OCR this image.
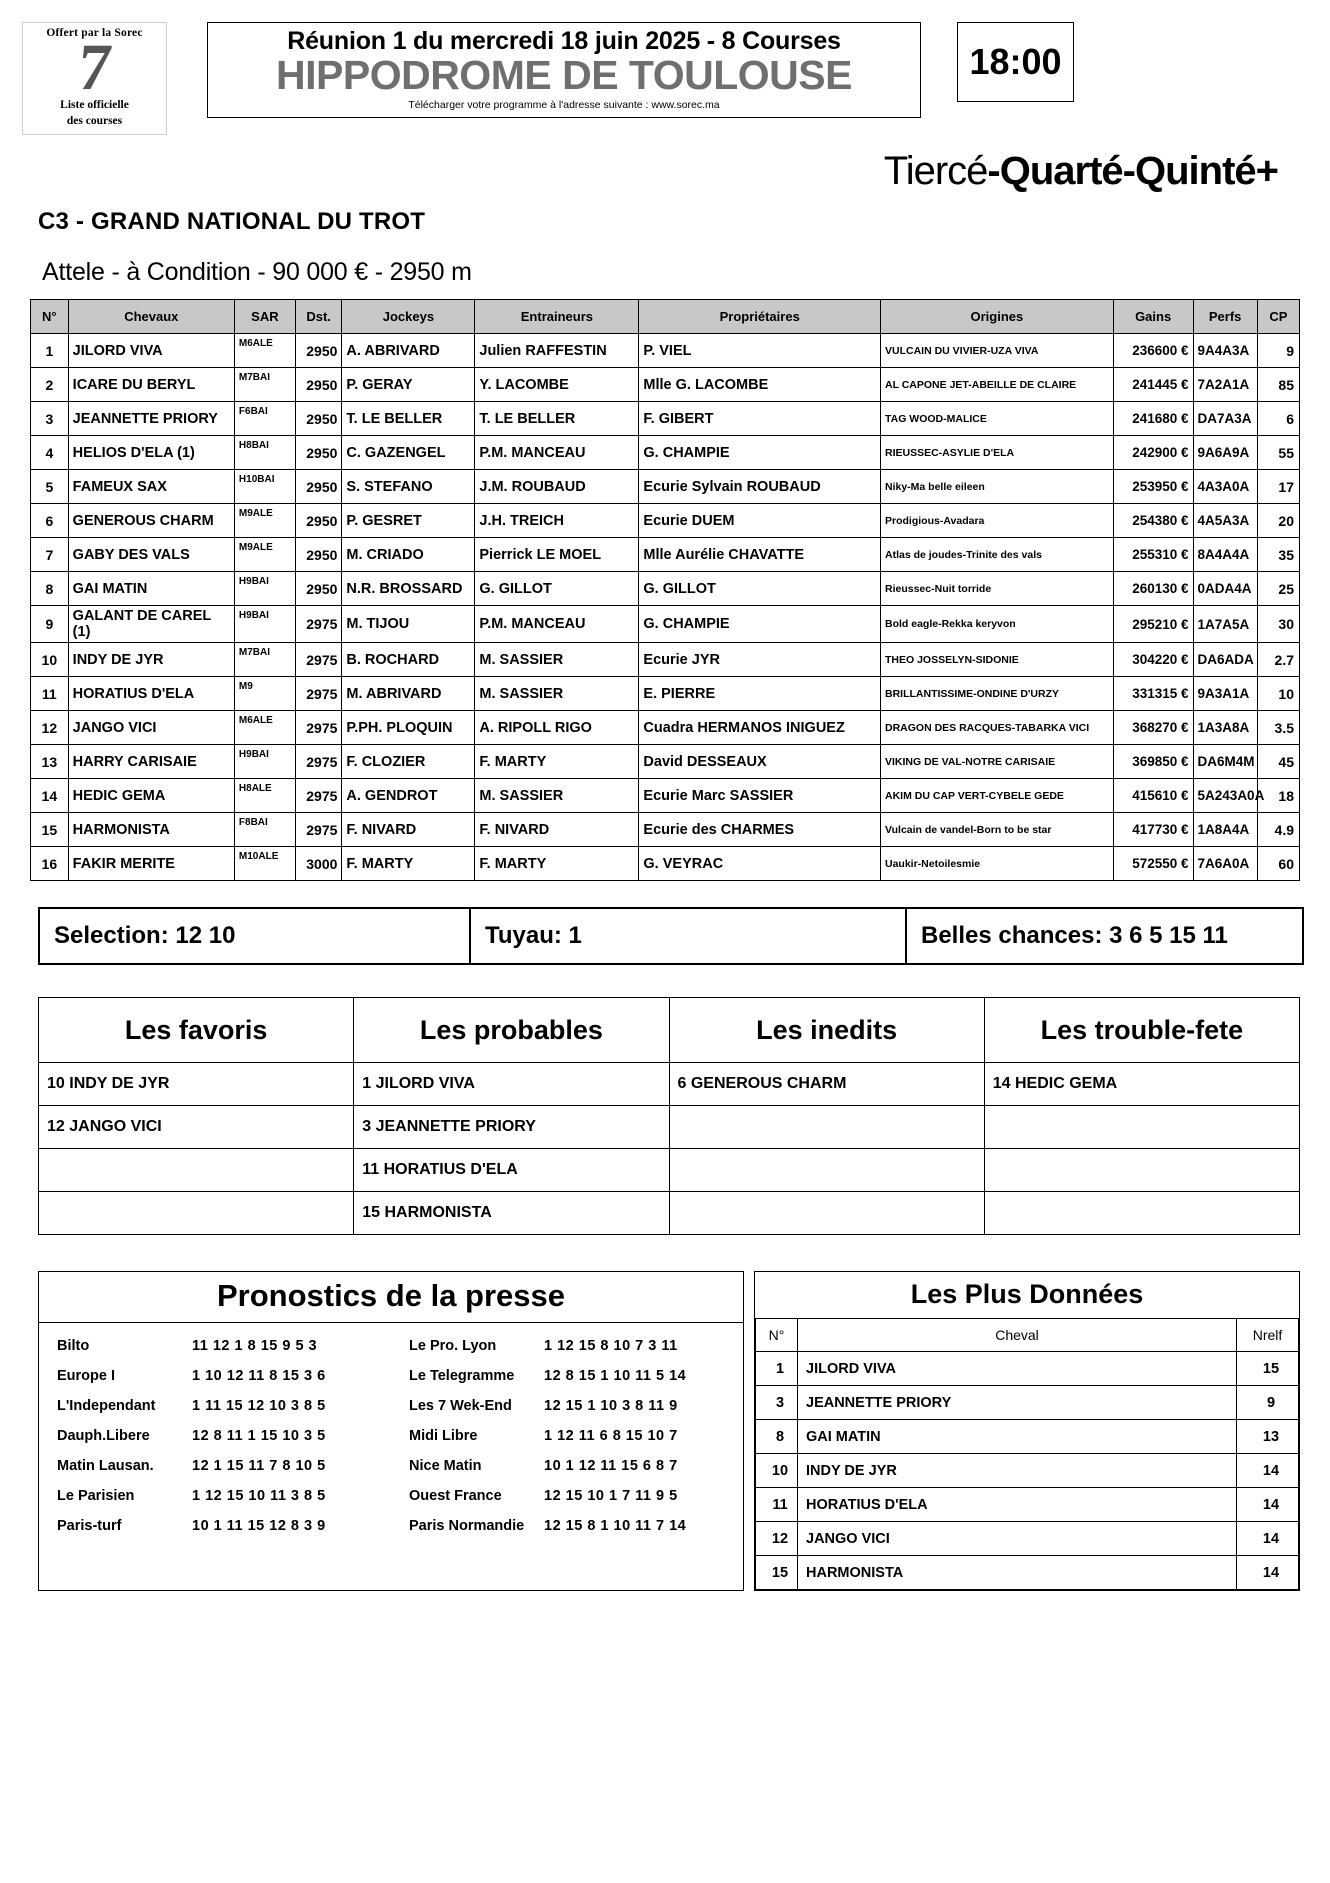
Offert par la Sorec
7
Liste officielle
des courses
Réunion 1 du mercredi 18 juin 2025 - 8 Courses
HIPPODROME DE TOULOUSE
Télécharger votre programme à l'adresse suivante : www.sorec.ma
18:00
Tiercé-Quarté-Quinté+
C3 - GRAND NATIONAL DU TROT
Attele - à Condition - 90 000 € - 2950 m
N°	Chevaux	SAR	Dst.	Jockeys	Entraineurs	Propriétaires	Origines	Gains	Perfs	CP
1	JILORD VIVA	M6ALE	2950	A. ABRIVARD	Julien RAFFESTIN	P. VIEL	VULCAIN DU VIVIER-UZA VIVA	236600 €	9A4A3A	9
2	ICARE DU BERYL	M7BAI	2950	P. GERAY	Y. LACOMBE	Mlle G. LACOMBE	AL CAPONE JET-ABEILLE DE CLAIRE	241445 €	7A2A1A	85
3	JEANNETTE PRIORY	F6BAI	2950	T. LE BELLER	T. LE BELLER	F. GIBERT	TAG WOOD-MALICE	241680 €	DA7A3A	6
4	HELIOS D'ELA (1)	H8BAI	2950	C. GAZENGEL	P.M. MANCEAU	G. CHAMPIE	RIEUSSEC-ASYLIE D'ELA	242900 €	9A6A9A	55
5	FAMEUX SAX	H10BAI	2950	S. STEFANO	J.M. ROUBAUD	Ecurie Sylvain ROUBAUD	Niky-Ma belle eileen	253950 €	4A3A0A	17
6	GENEROUS CHARM	M9ALE	2950	P. GESRET	J.H. TREICH	Ecurie DUEM	Prodigious-Avadara	254380 €	4A5A3A	20
7	GABY DES VALS	M9ALE	2950	M. CRIADO	Pierrick LE MOEL	Mlle Aurélie CHAVATTE	Atlas de joudes-Trinite des vals	255310 €	8A4A4A	35
8	GAI MATIN	H9BAI	2950	N.R. BROSSARD	G. GILLOT	G. GILLOT	Rieussec-Nuit torride	260130 €	0ADA4A	25
9	GALANT DE CAREL (1)	H9BAI	2975	M. TIJOU	P.M. MANCEAU	G. CHAMPIE	Bold eagle-Rekka keryvon	295210 €	1A7A5A	30
10	INDY DE JYR	M7BAI	2975	B. ROCHARD	M. SASSIER	Ecurie JYR	THEO JOSSELYN-SIDONIE	304220 €	DA6ADA	2.7
11	HORATIUS D'ELA	M9	2975	M. ABRIVARD	M. SASSIER	E. PIERRE	BRILLANTISSIME-ONDINE D'URZY	331315 €	9A3A1A	10
12	JANGO VICI	M6ALE	2975	P.PH. PLOQUIN	A. RIPOLL RIGO	Cuadra HERMANOS INIGUEZ	DRAGON DES RACQUES-TABARKA VICI	368270 €	1A3A8A	3.5
13	HARRY CARISAIE	H9BAI	2975	F. CLOZIER	F. MARTY	David DESSEAUX	VIKING DE VAL-NOTRE CARISAIE	369850 €	DA6M4M	45
14	HEDIC GEMA	H8ALE	2975	A. GENDROT	M. SASSIER	Ecurie Marc SASSIER	AKIM DU CAP VERT-CYBELE GEDE	415610 €	5A243A0A	18
15	HARMONISTA	F8BAI	2975	F. NIVARD	F. NIVARD	Ecurie des CHARMES	Vulcain de vandel-Born to be star	417730 €	1A8A4A	4.9
16	FAKIR MERITE	M10ALE	3000	F. MARTY	F. MARTY	G. VEYRAC	Uaukir-Netoilesmie	572550 €	7A6A0A	60
Selection: 12 10	Tuyau: 1	Belles chances: 3 6 5 15 11
Les favoris	Les probables	Les inedits	Les trouble-fete
10 INDY DE JYR	1 JILORD VIVA	6 GENEROUS CHARM	14 HEDIC GEMA
12 JANGO VICI	3 JEANNETTE PRIORY		
	11 HORATIUS D'ELA		
	15 HARMONISTA		
Pronostics de la presse
Bilto	11 12 1 8 15 9 5 3
Europe I	1 10 12 11 8 15 3 6
L'Independant	1 11 15 12 10 3 8 5
Dauph.Libere	12 8 11 1 15 10 3 5
Matin Lausan.	12 1 15 11 7 8 10 5
Le Parisien	1 12 15 10 11 3 8 5
Paris-turf	10 1 11 15 12 8 3 9
Le Pro. Lyon	1 12 15 8 10 7 3 11
Le Telegramme	12 8 15 1 10 11 5 14
Les 7 Wek-End	12 15 1 10 3 8 11 9
Midi Libre	1 12 11 6 8 15 10 7
Nice Matin	10 1 12 11 15 6 8 7
Ouest France	12 15 10 1 7 11 9 5
Paris Normandie	12 15 8 1 10 11 7 14
Les Plus Données
N°	Cheval	Nrelf
1	JILORD VIVA	15
3	JEANNETTE PRIORY	9
8	GAI MATIN	13
10	INDY DE JYR	14
11	HORATIUS D'ELA	14
12	JANGO VICI	14
15	HARMONISTA	14
